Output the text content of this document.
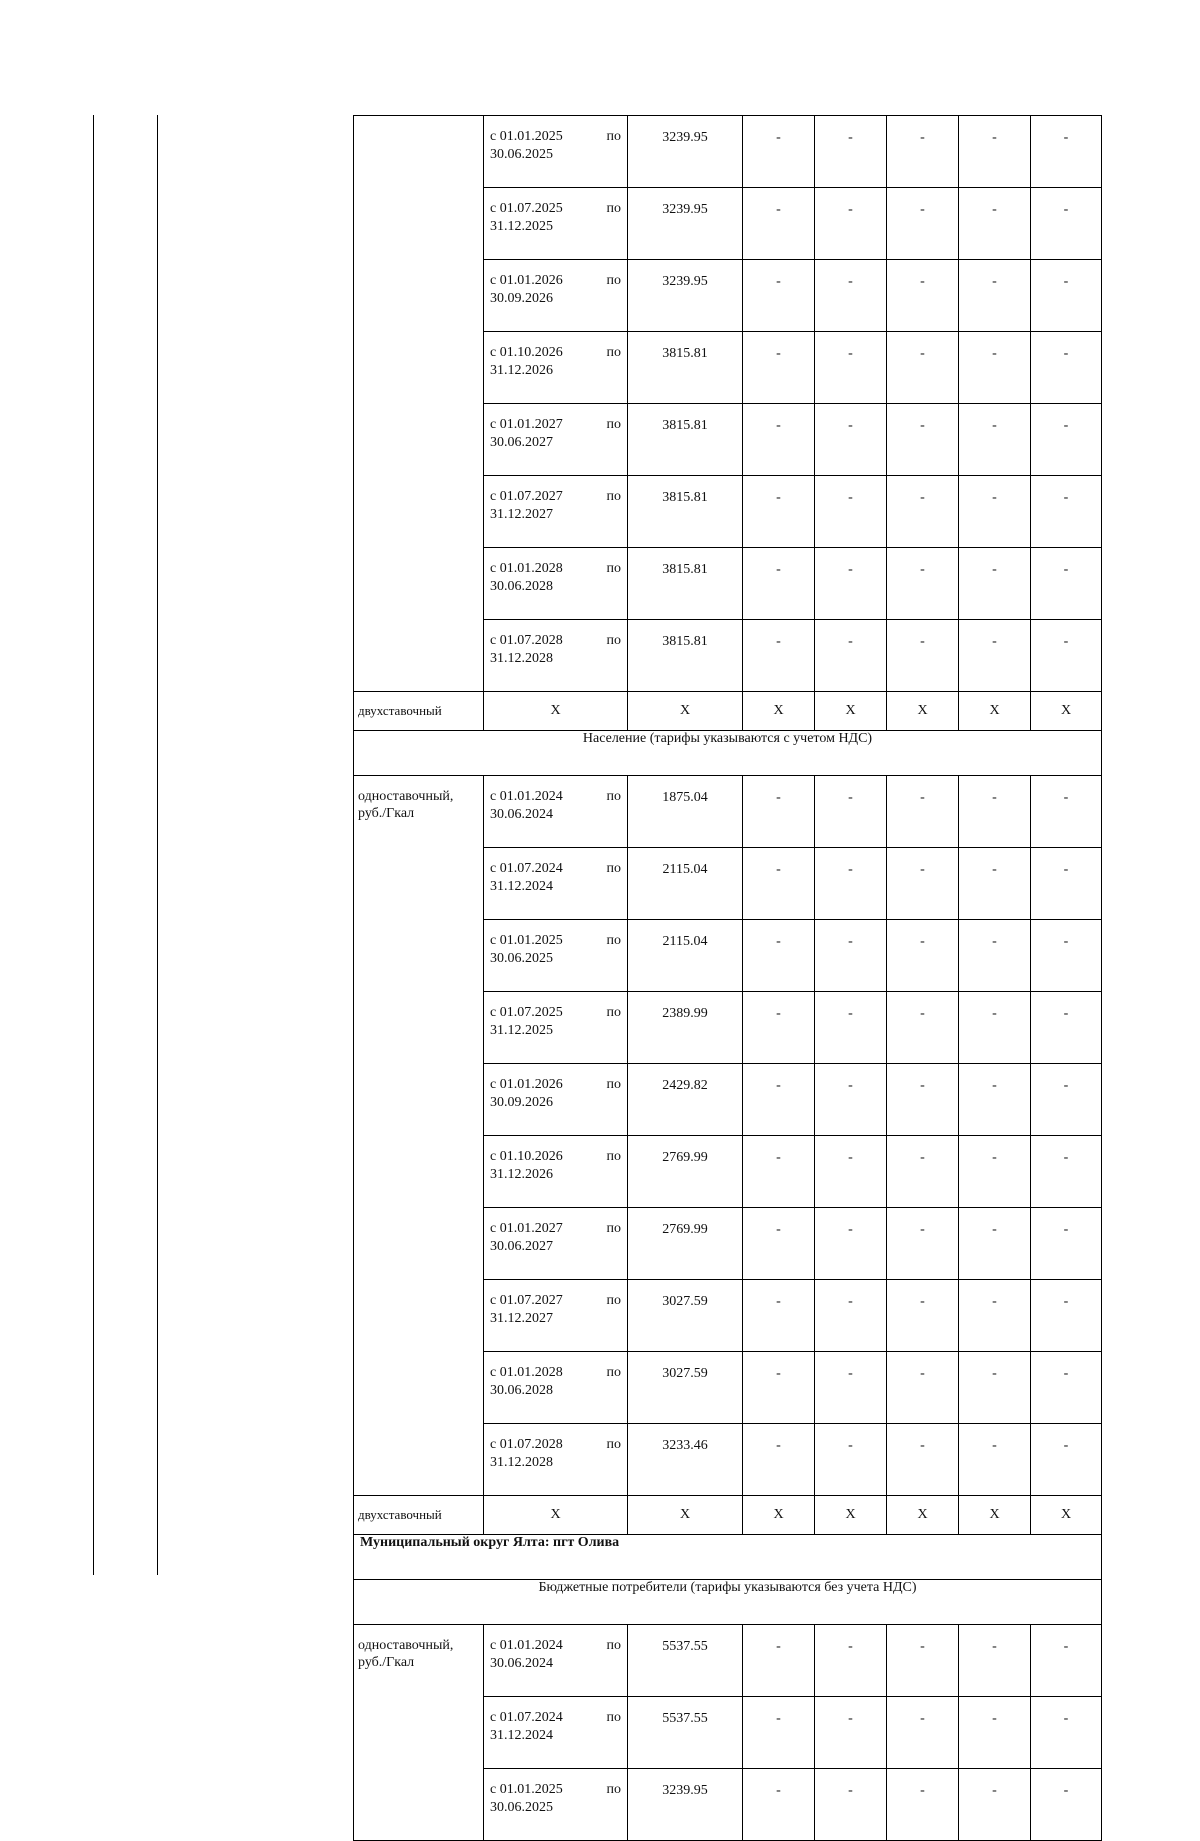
	с 01.01.2025 по
30.06.2025	3239.95	-	-	-	-	-

	с 01.07.2025 по
31.12.2025	3239.95	-	-	-	-	-

	с 01.01.2026 по
30.09.2026	3239.95	-	-	-	-	-

	с 01.10.2026 по
31.12.2026	3815.81	-	-	-	-	-

	с 01.01.2027 по
30.06.2027	3815.81	-	-	-	-	-

	с 01.07.2027 по
31.12.2027	3815.81	-	-	-	-	-

	с 01.01.2028 по
30.06.2028	3815.81	-	-	-	-	-

	с 01.07.2028 по
31.12.2028	3815.81	-	-	-	-	-
двухставочный	X	X	X	X	X	X	X
Население (тарифы указываются с учетом НДС)							
одноставочный, руб./Гкал	с 01.01.2024 по
30.06.2024	1875.04	-	-	-	-	-

	с 01.07.2024 по
31.12.2024	2115.04	-	-	-	-	-

	с 01.01.2025 по
30.06.2025	2115.04	-	-	-	-	-

	с 01.07.2025 по
31.12.2025	2389.99	-	-	-	-	-

	с 01.01.2026 по
30.09.2026	2429.82	-	-	-	-	-

	с 01.10.2026 по
31.12.2026	2769.99	-	-	-	-	-

	с 01.01.2027 по
30.06.2027	2769.99	-	-	-	-	-

	с 01.07.2027 по
31.12.2027	3027.59	-	-	-	-	-

	с 01.01.2028 по
30.06.2028	3027.59	-	-	-	-	-

	с 01.07.2028 по
31.12.2028	3233.46	-	-	-	-	-
двухставочный	X	X	X	X	X	X	X
Муниципальный округ Ялта: пгт Олива							
Бюджетные потребители (тарифы указываются без учета НДС)							
одноставочный, руб./Гкал	с 01.01.2024 по
30.06.2024	5537.55	-	-	-	-	-

	с 01.07.2024 по
31.12.2024	5537.55	-	-	-	-	-

	с 01.01.2025 по
30.06.2025	3239.95	-	-	-	-	-
